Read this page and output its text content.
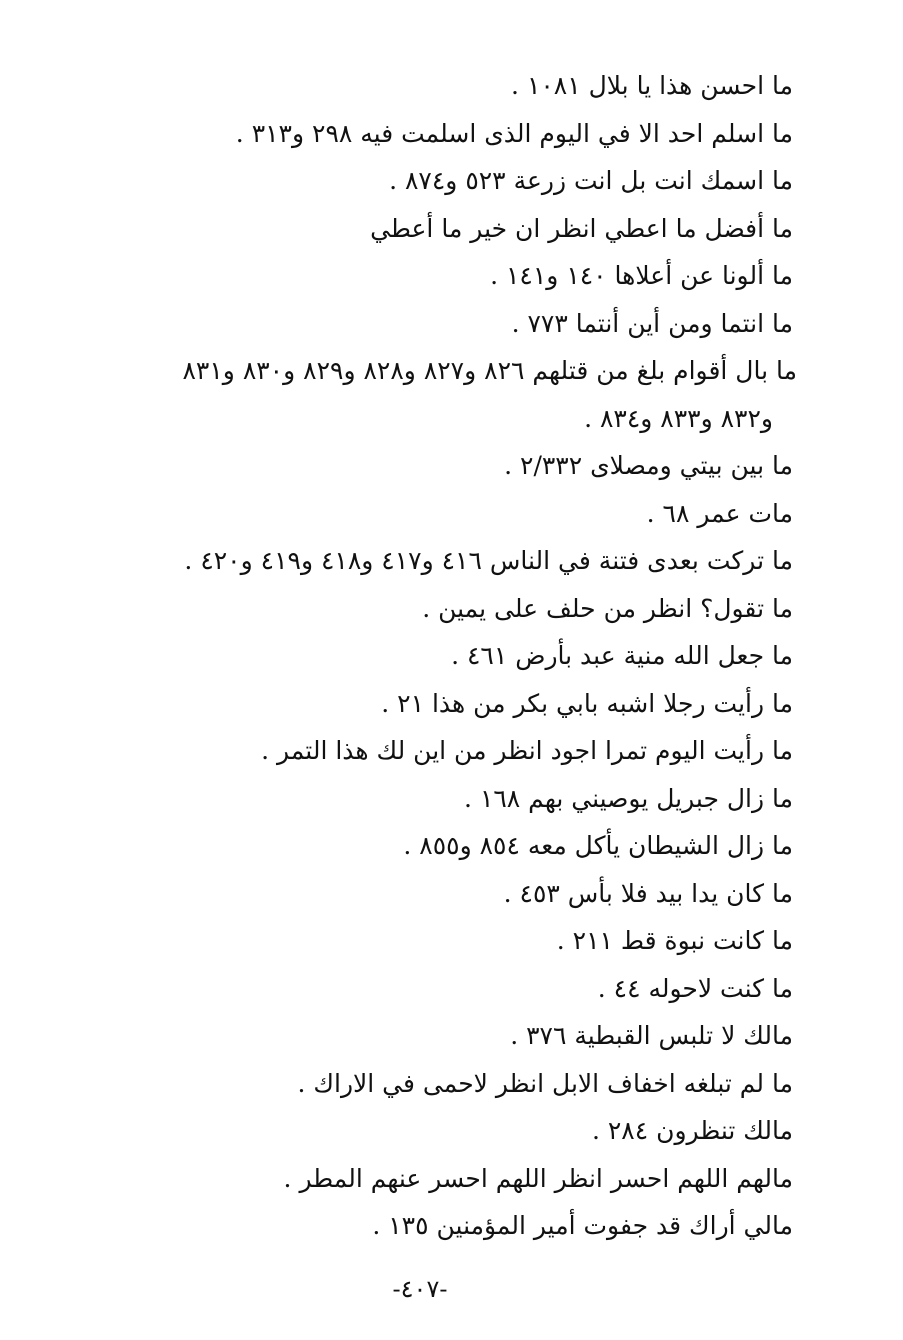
ما احسن هذا يا بلال ١٠٨١ .
ما اسلم احد الا في اليوم الذى اسلمت فيه ٢٩٨ و٣١٣ .
ما اسمك انت بل انت زرعة ٥٢٣ و٨٧٤ .
ما أفضل ما اعطي انظر ان خير ما أعطي
ما ألونا عن أعلاها ١٤٠ و١٤١ .
ما انتما ومن أين أنتما ٧٧٣ .
ما بال أقوام بلغ من قتلهم ٨٢٦ و٨٢٧ و٨٢٨ و٨٢٩ و٨٣٠ و٨٣١
و٨٣٢ و٨٣٣ و٨٣٤ .
ما بين بيتي ومصلاى ٢/٣٣٢ .
مات عمر ٦٨ .
ما تركت بعدى فتنة في الناس ٤١٦ و٤١٧ و٤١٨ و٤١٩ و٤٢٠ .
ما تقول؟ انظر من حلف على يمين .
ما جعل الله منية عبد بأرض ٤٦١ .
ما رأيت رجلا اشبه بابي بكر من هذا ٢١ .
ما رأيت اليوم تمرا اجود انظر من اين لك هذا التمر .
ما زال جبريل يوصيني بهم ١٦٨ .
ما زال الشيطان يأكل معه ٨٥٤ و٨٥٥ .
ما كان يدا بيد فلا بأس ٤٥٣ .
ما كانت نبوة قط ٢١١ .
ما كنت لاحوله ٤٤ .
مالك لا تلبس القبطية ٣٧٦ .
ما لم تبلغه اخفاف الابل انظر لاحمى في الاراك .
مالك تنظرون ٢٨٤ .
مالهم اللهم احسر انظر اللهم احسر عنهم المطر .
مالي أراك قد جفوت أمير المؤمنين ١٣٥ .
-٤٠٧-
